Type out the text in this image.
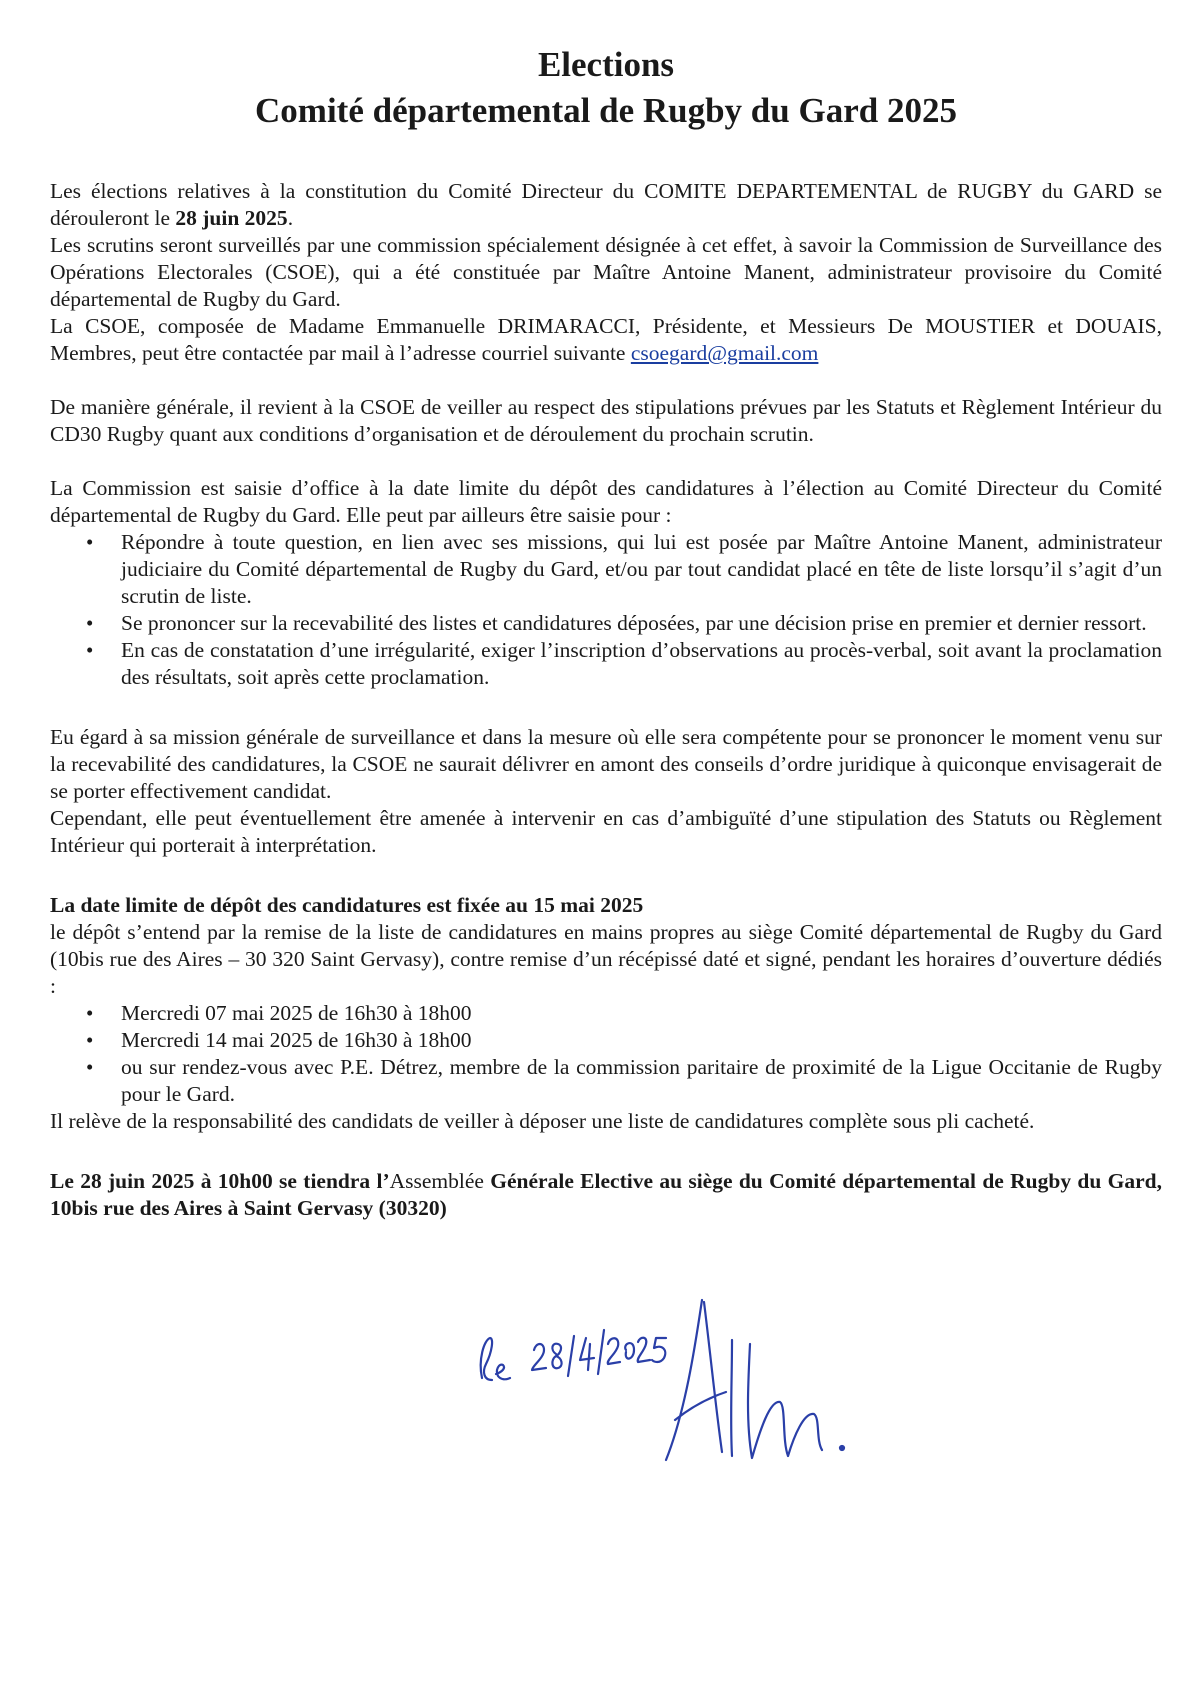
Elections
Comité départemental de Rugby du Gard 2025

Les élections relatives à la constitution du Comité Directeur du COMITE DEPARTEMENTAL de RUGBY du GARD se dérouleront le 28 juin 2025.

Les scrutins seront surveillés par une commission spécialement désignée à cet effet, à savoir la Commission de Surveillance des Opérations Electorales (CSOE), qui a été constituée par Maître Antoine Manent, administrateur provisoire du Comité départemental de Rugby du Gard.

La CSOE, composée de Madame Emmanuelle DRIMARACCI, Présidente, et Messieurs De MOUSTIER et DOUAIS, Membres, peut être contactée par mail à l’adresse courriel suivante csoegard@gmail.com

De manière générale, il revient à la CSOE de veiller au respect des stipulations prévues par les Statuts et Règlement Intérieur du CD30 Rugby quant aux conditions d’organisation et de déroulement du prochain scrutin.

La Commission est saisie d’office à la date limite du dépôt des candidatures à l’élection au Comité Directeur du Comité départemental de Rugby du Gard. Elle peut par ailleurs être saisie pour :

• Répondre à toute question, en lien avec ses missions, qui lui est posée par Maître Antoine Manent, administrateur judiciaire du Comité départemental de Rugby du Gard, et/ou par tout candidat placé en tête de liste lorsqu’il s’agit d’un scrutin de liste.
• Se prononcer sur la recevabilité des listes et candidatures déposées, par une décision prise en premier et dernier ressort.
• En cas de constatation d’une irrégularité, exiger l’inscription d’observations au procès-verbal, soit avant la proclamation des résultats, soit après cette proclamation.

Eu égard à sa mission générale de surveillance et dans la mesure où elle sera compétente pour se prononcer le moment venu sur la recevabilité des candidatures, la CSOE ne saurait délivrer en amont des conseils d’ordre juridique à quiconque envisagerait de se porter effectivement candidat.

Cependant, elle peut éventuellement être amenée à intervenir en cas d’ambiguïté d’une stipulation des Statuts ou Règlement Intérieur qui porterait à interprétation.

La date limite de dépôt des candidatures est fixée au 15 mai 2025

le dépôt s’entend par la remise de la liste de candidatures en mains propres au siège Comité départemental de Rugby du Gard (10bis rue des Aires – 30 320 Saint Gervasy), contre remise d’un récépissé daté et signé, pendant les horaires d’ouverture dédiés :

• Mercredi 07 mai 2025 de 16h30 à 18h00
• Mercredi 14 mai 2025 de 16h30 à 18h00
• ou sur rendez-vous avec P.E. Détrez, membre de la commission paritaire de proximité de la Ligue Occitanie de Rugby pour le Gard.

Il relève de la responsabilité des candidats de veiller à déposer une liste de candidatures complète sous pli cacheté.

Le 28 juin 2025 à 10h00 se tiendra l’Assemblée Générale Elective au siège du Comité départemental de Rugby du Gard, 10bis rue des Aires à Saint Gervasy (30320)
